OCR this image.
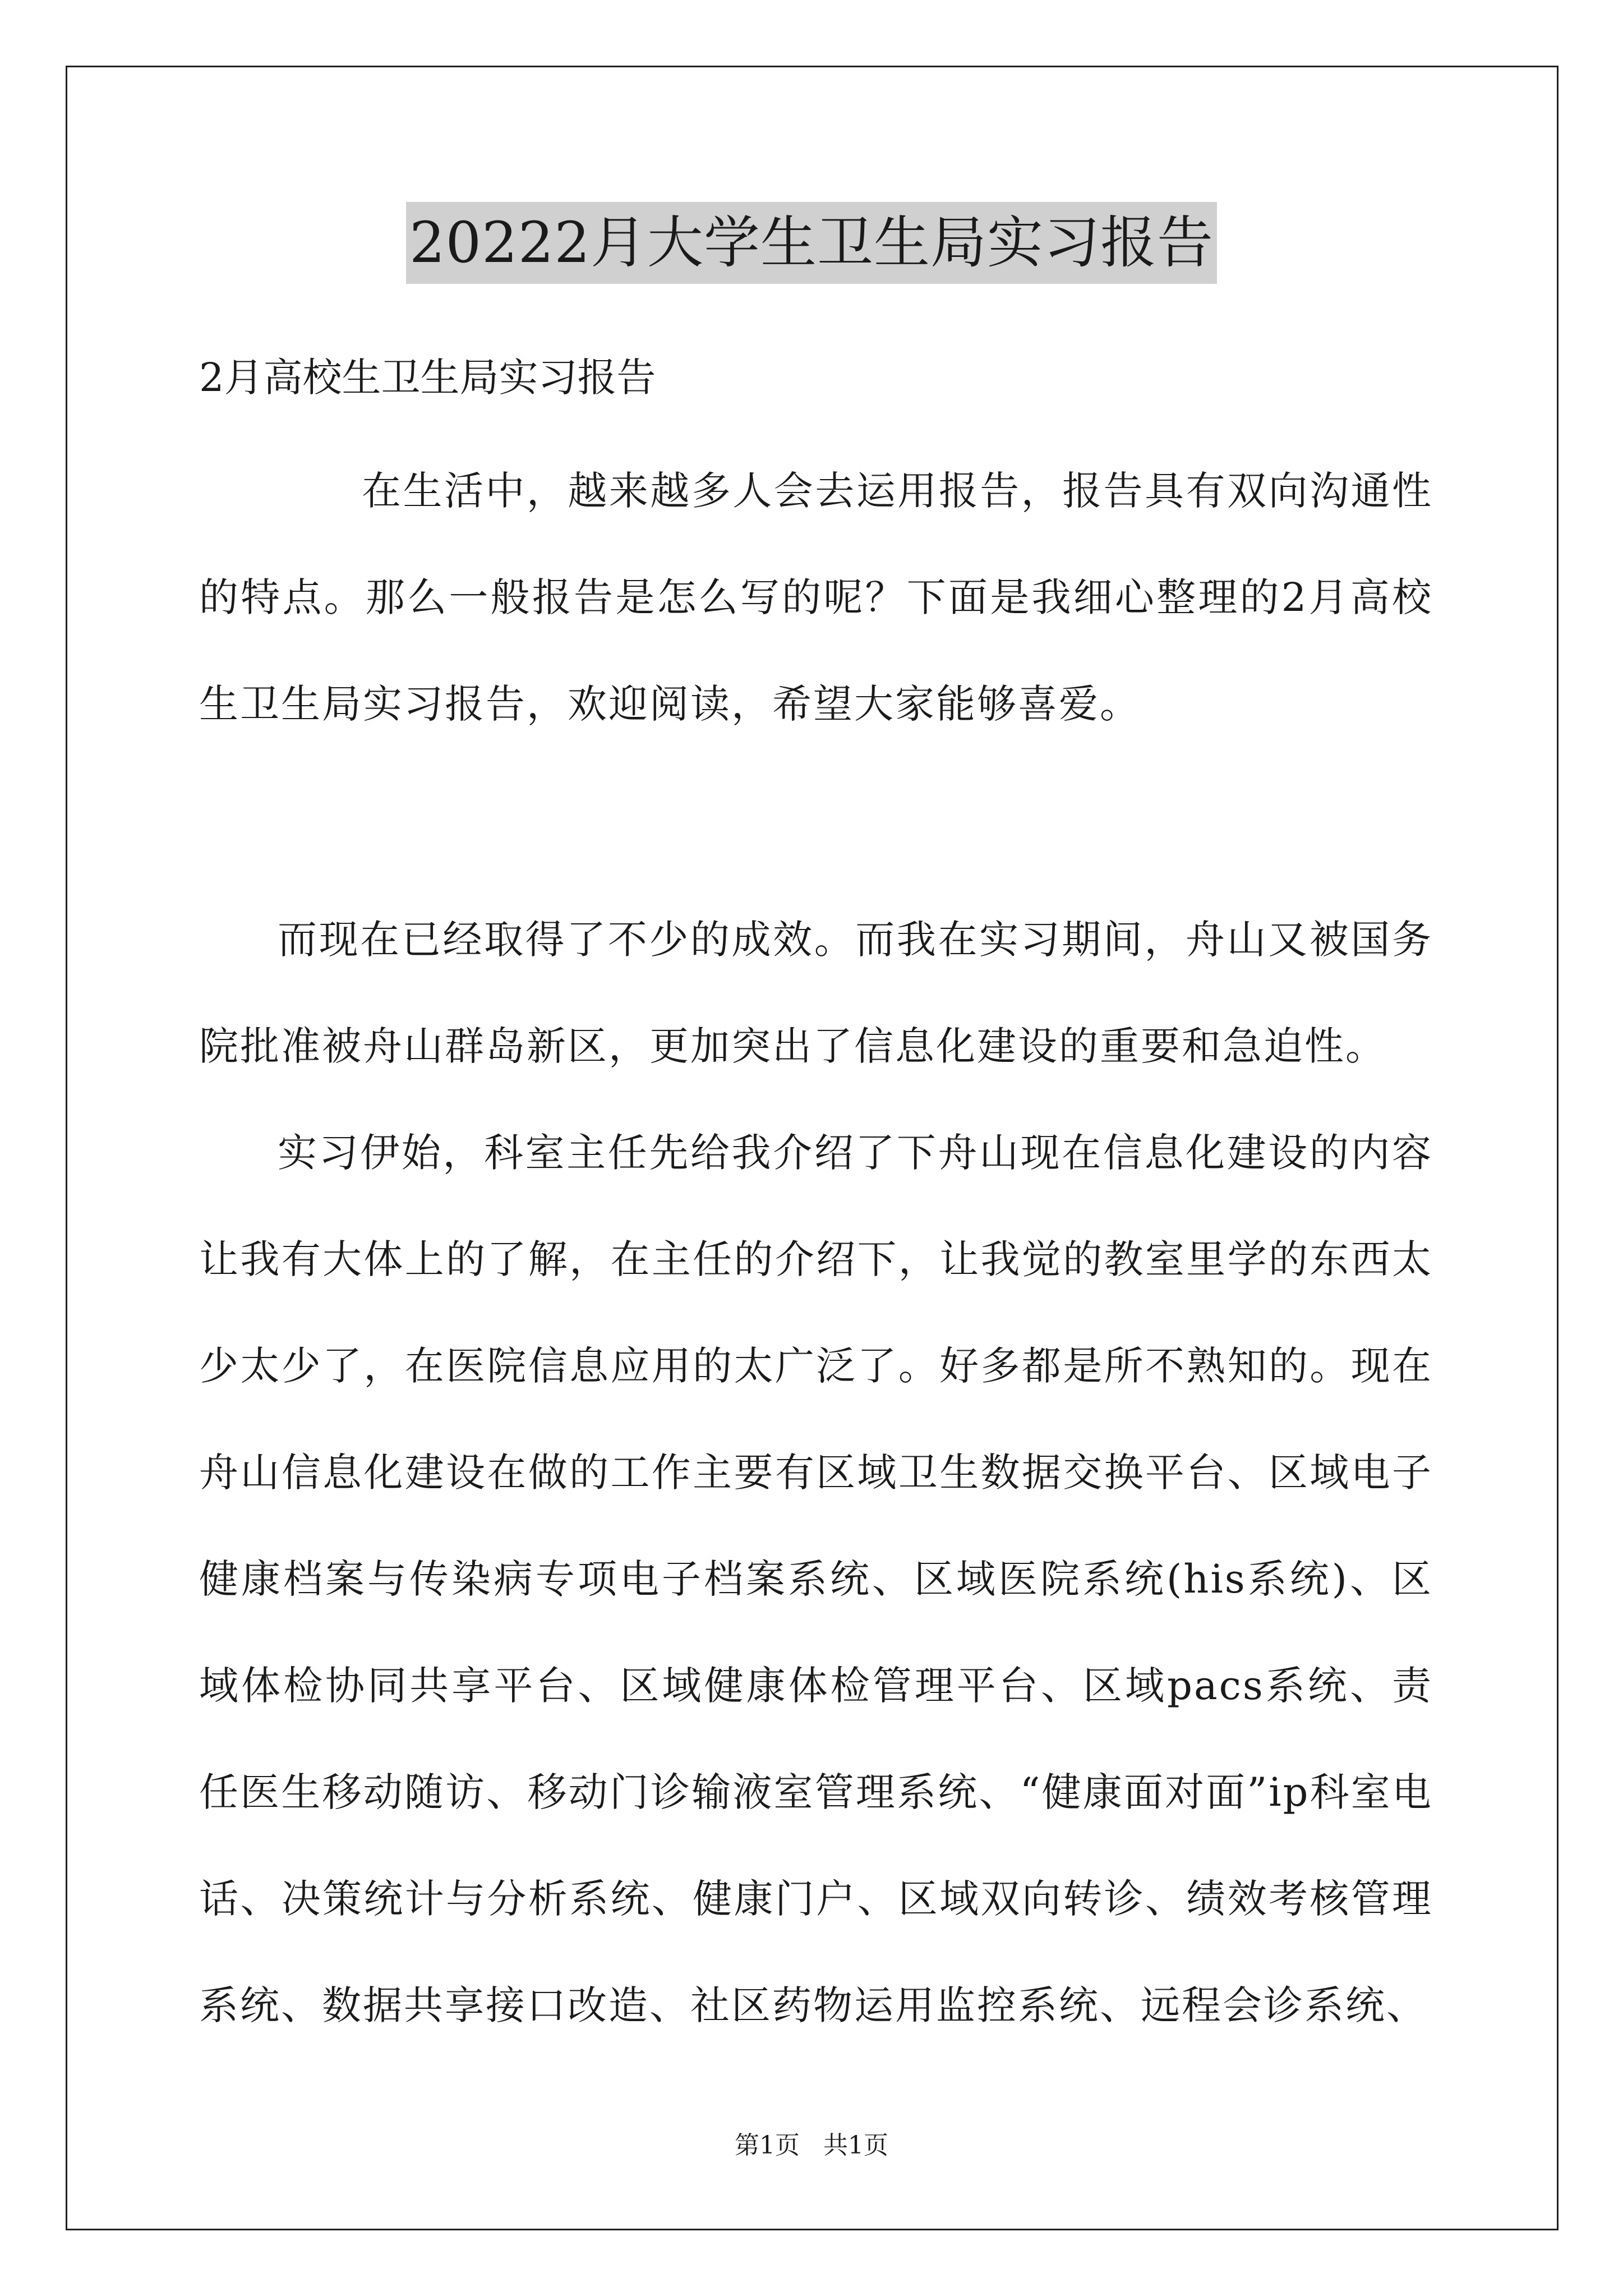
20222月大学生卫生局实习报告
2月高校生卫生局实习报告

在生活中，越来越多人会去运用报告，报告具有双向沟通性的特点。那么一般报告是怎么写的呢？下面是我细心整理的2月高校生卫生局实习报告，欢迎阅读，希望大家能够喜爱。

而现在已经取得了不少的成效。而我在实习期间，舟山又被国务院批准被舟山群岛新区，更加突出了信息化建设的重要和急迫性。

实习伊始，科室主任先给我介绍了下舟山现在信息化建设的内容让我有大体上的了解，在主任的介绍下，让我觉的教室里学的东西太少太少了，在医院信息应用的太广泛了。好多都是所不熟知的。现在舟山信息化建设在做的工作主要有区域卫生数据交换平台、区域电子健康档案与传染病专项电子档案系统、区域医院系统(his系统)、区域体检协同共享平台、区域健康体检管理平台、区域pacs系统、责任医生移动随访、移动门诊输液室管理系统、“健康面对面”ip科室电话、决策统计与分析系统、健康门户、区域双向转诊、绩效考核管理系统、数据共享接口改造、社区药物运用监控系统、远程会诊系统、

第1页   共1页
